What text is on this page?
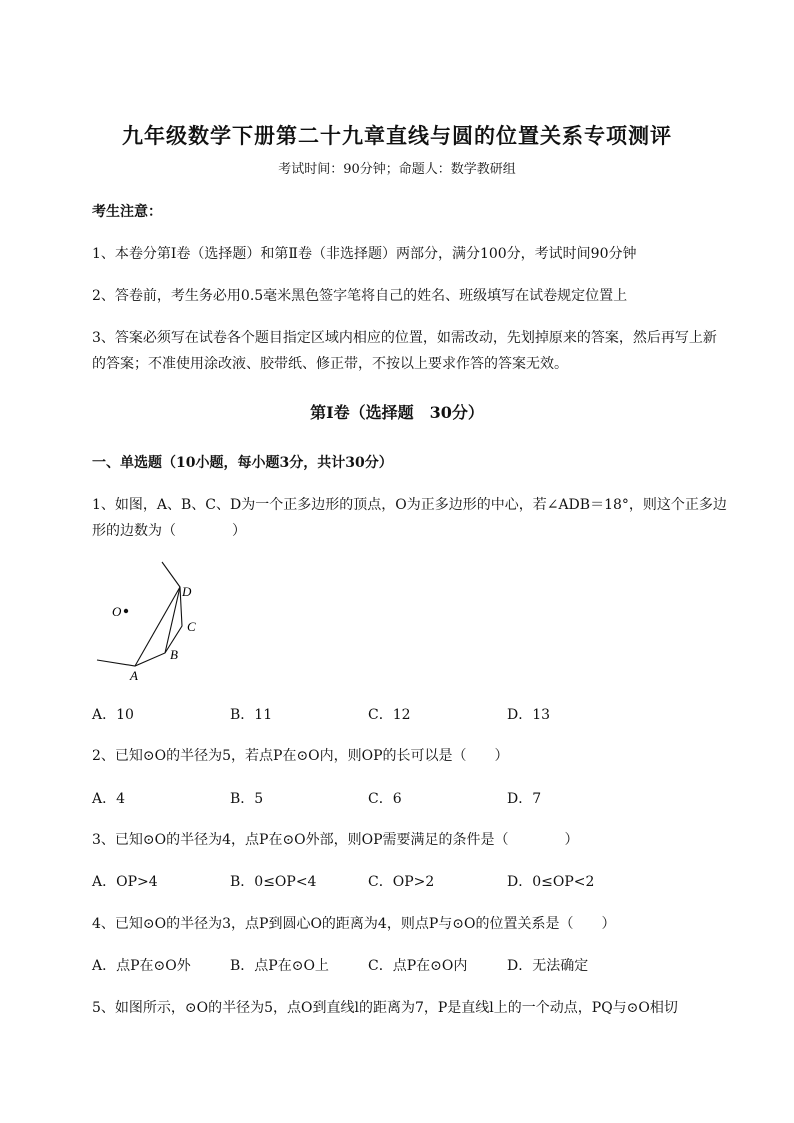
九年级数学下册第二十九章直线与圆的位置关系专项测评
考试时间：90分钟；命题人：数学教研组
考生注意：
1、本卷分第I卷（选择题）和第Ⅱ卷（非选择题）两部分，满分100分，考试时间90分钟
2、答卷前，考生务必用0.5毫米黑色签字笔将自己的姓名、班级填写在试卷规定位置上
3、答案必须写在试卷各个题目指定区域内相应的位置，如需改动，先划掉原来的答案，然后再写上新
的答案；不准使用涂改液、胶带纸、修正带，不按以上要求作答的答案无效。
第I卷（选择题　30分）
一、单选题（10小题，每小题3分，共计30分）
1、如图，A、B、C、D为一个正多边形的顶点，O为正多边形的中心，若∠ADB＝18°，则这个正多边
形的边数为（　　　　）
O
A
B
C
D
A．10	B．11	C．12	D．13
2、已知⊙O的半径为5，若点P在⊙O内，则OP的长可以是（　　）
A．4	B．5	C．6	D．7
3、已知⊙O的半径为4，点P在⊙O外部，则OP需要满足的条件是（　　　　）
A．OP>4	B．0≤OP<4	C．OP>2	D．0≤OP<2
4、已知⊙O的半径为3，点P到圆心O的距离为4，则点P与⊙O的位置关系是（　　）
A．点P在⊙O外	B．点P在⊙O上	C．点P在⊙O内	D．无法确定
5、如图所示，⊙O的半径为5，点O到直线l的距离为7，P是直线l上的一个动点，PQ与⊙O相切
